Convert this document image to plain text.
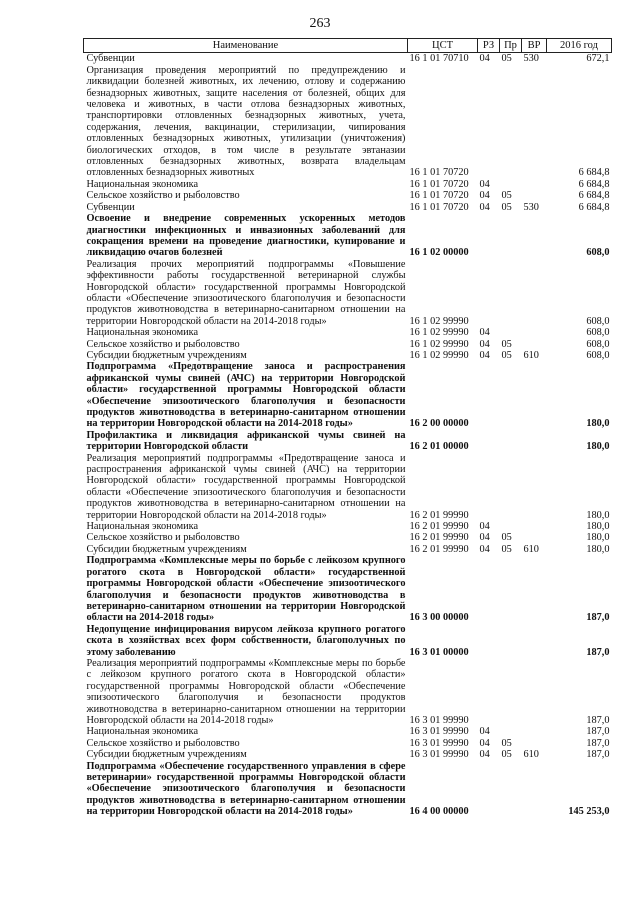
263
Наименование	ЦСТ	РЗ	Пр	ВР	2016 год
Субвенции	16 1 01 70710	04	05	530	672,1
Организация проведения мероприятий по предупреждению и ликвидации болезней животных, их лечению, отлову и содержанию безнадзорных животных, защите населения от болезней, общих для человека и животных, в части отлова безнадзорных животных, транспортировки отловленных безнадзорных животных, учета, содержания, лечения, вакцинации, стерилизации, чипирования отловленных безнадзорных животных, утилизации (уничтожения) биологических отходов, в том числе в результате эвтаназии отловленных безнадзорных животных, возврата владельцам отловленных безнадзорных животных	16 1 01 70720				6 684,8
Национальная экономика	16 1 01 70720	04			6 684,8
Сельское хозяйство и рыболовство	16 1 01 70720	04	05		6 684,8
Субвенции	16 1 01 70720	04	05	530	6 684,8
Освоение и внедрение современных ускоренных методов диагностики инфекционных и инвазионных заболеваний для сокращения времени на проведение диагностики, купирование и ликвидацию очагов болезней	16 1 02 00000				608,0
Реализация прочих мероприятий подпрограммы «Повышение эффективности работы государственной ветеринарной службы Новгородской области» государственной программы Новгородской области «Обеспечение эпизоотического благополучия и безопасности продуктов животноводства в ветеринарно-санитарном отношении на территории Новгородской области на 2014-2018 годы»	16 1 02 99990				608,0
Национальная экономика	16 1 02 99990	04			608,0
Сельское хозяйство и рыболовство	16 1 02 99990	04	05		608,0
Субсидии бюджетным учреждениям	16 1 02 99990	04	05	610	608,0
Подпрограмма «Предотвращение заноса и распространения африканской чумы свиней (АЧС) на территории Новгородской области» государственной программы Новгородской области «Обеспечение эпизоотического благополучия и безопасности продуктов животноводства в ветеринарно-санитарном отношении на территории Новгородской области на 2014-2018 годы»	16 2 00 00000				180,0
Профилактика и ликвидация африканской чумы свиней на территории Новгородской области	16 2 01 00000				180,0
Реализация мероприятий подпрограммы «Предотвращение заноса и распространения африканской чумы свиней (АЧС) на территории Новгородской области» государственной программы Новгородской области «Обеспечение эпизоотического благополучия и безопасности продуктов животноводства в ветеринарно-санитарном отношении на территории Новгородской области на 2014-2018 годы»	16 2 01 99990				180,0
Национальная экономика	16 2 01 99990	04			180,0
Сельское хозяйство и рыболовство	16 2 01 99990	04	05		180,0
Субсидии бюджетным учреждениям	16 2 01 99990	04	05	610	180,0
Подпрограмма «Комплексные меры по борьбе с лейкозом крупного рогатого скота в Новгородской области» государственной программы Новгородской области «Обеспечение эпизоотического благополучия и безопасности продуктов животноводства в ветеринарно-санитарном отношении на территории Новгородской области на 2014-2018 годы»	16 3 00 00000				187,0
Недопущение инфицирования вирусом лейкоза крупного рогатого скота в хозяйствах всех форм собственности, благополучных по этому заболеванию	16 3 01 00000				187,0
Реализация мероприятий подпрограммы «Комплексные меры по борьбе с лейкозом крупного рогатого скота в Новгородской области» государственной программы Новгородской области «Обеспечение эпизоотического благополучия и безопасности продуктов животноводства в ветеринарно-санитарном отношении на территории Новгородской области на 2014-2018 годы»	16 3 01 99990				187,0
Национальная экономика	16 3 01 99990	04			187,0
Сельское хозяйство и рыболовство	16 3 01 99990	04	05		187,0
Субсидии бюджетным учреждениям	16 3 01 99990	04	05	610	187,0
Подпрограмма «Обеспечение государственного управления в сфере ветеринарии» государственной программы Новгородской области «Обеспечение эпизоотического благополучия и безопасности продуктов животноводства в ветеринарно-санитарном отношении на территории Новгородской области на 2014-2018 годы»	16 4 00 00000				145 253,0
